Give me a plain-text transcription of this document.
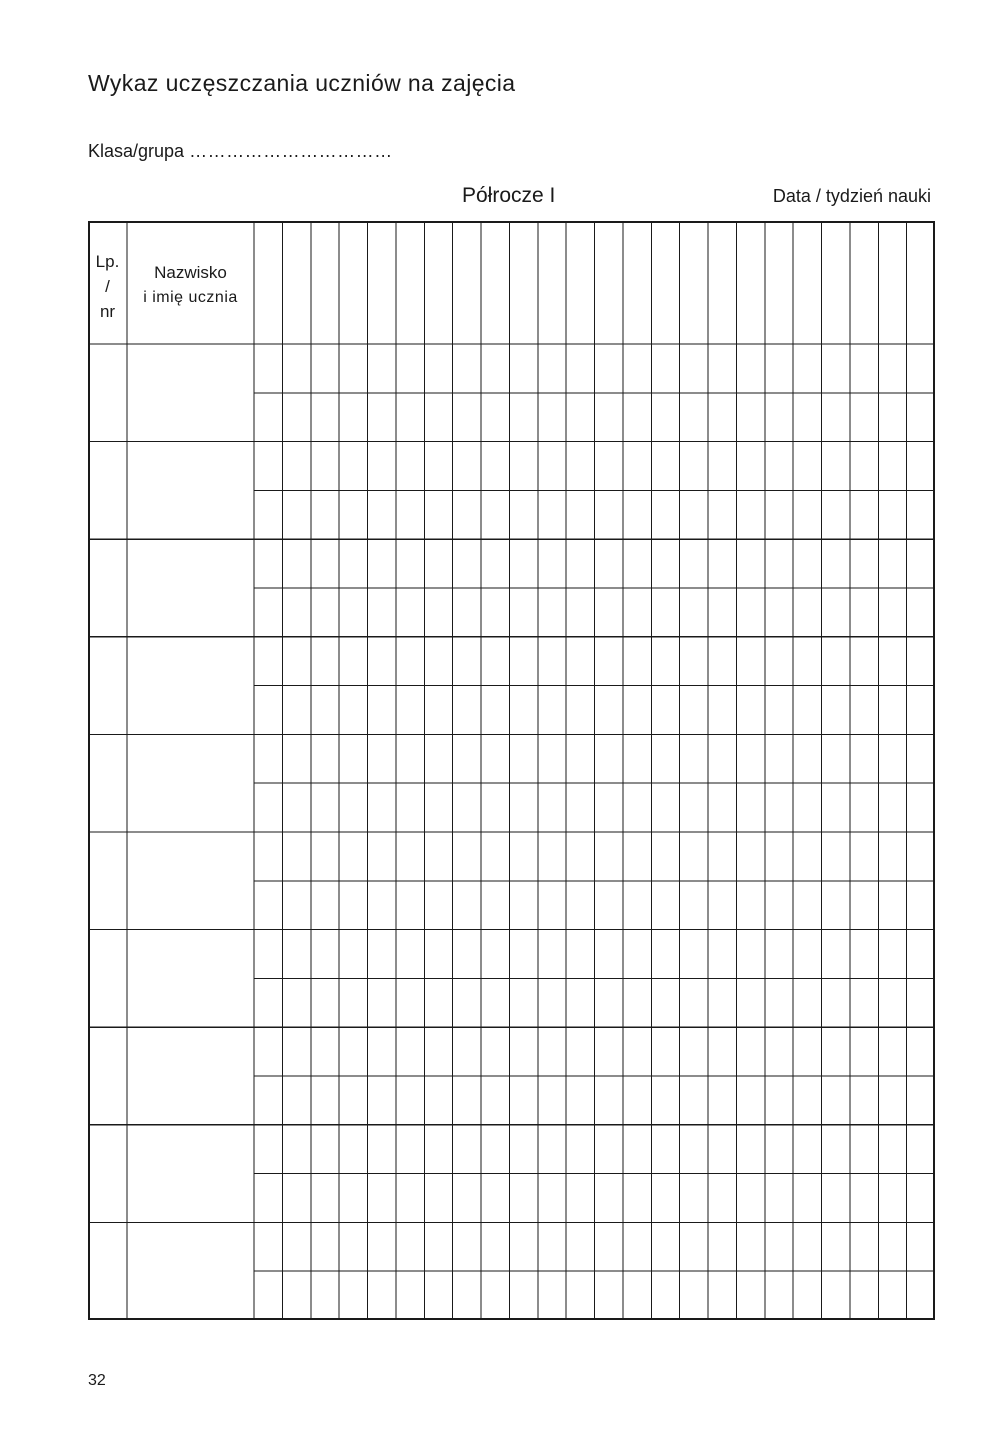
Wykaz uczęszczania uczniów na zajęcia
Klasa/grupa ……………………………
Półrocze I	Data / tydzień nauki
Lp.
/
nr
Nazwisko
i imię ucznia
32
